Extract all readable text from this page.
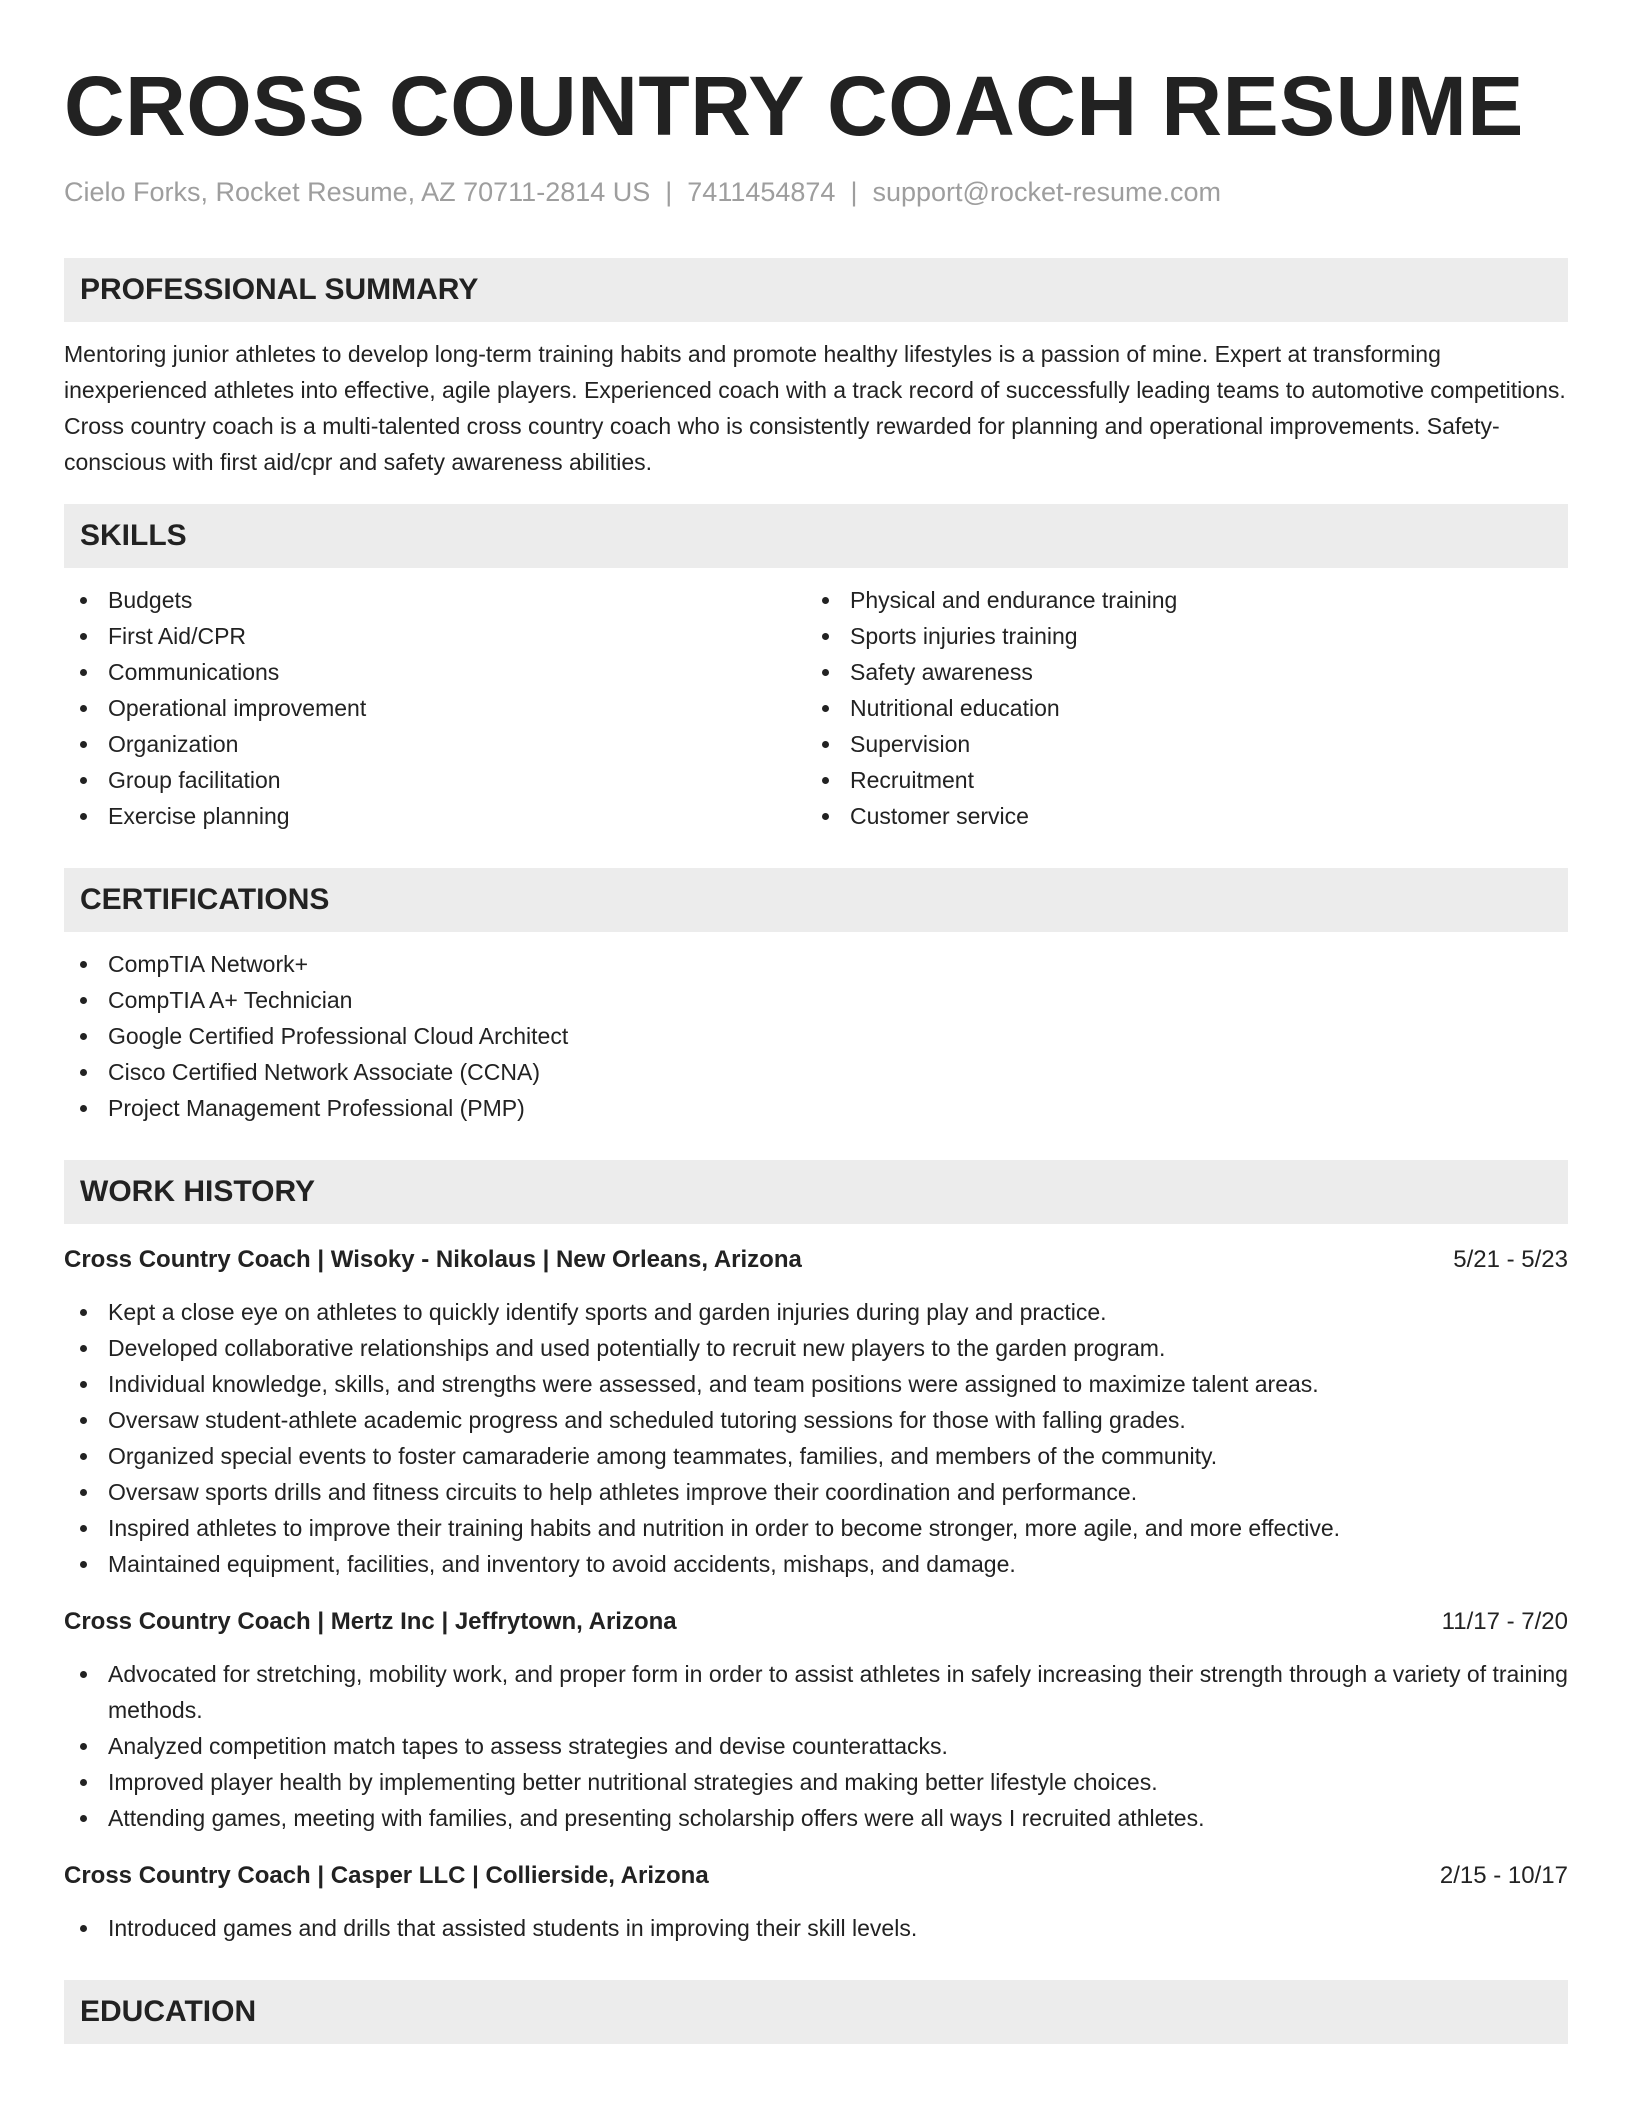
CROSS COUNTRY COACH RESUME
Cielo Forks, Rocket Resume, AZ 70711-2814 US | 7411454874 | support@rocket-resume.com
PROFESSIONAL SUMMARY
Mentoring junior athletes to develop long-term training habits and promote healthy lifestyles is a passion of mine. Expert at transforming inexperienced athletes into effective, agile players. Experienced coach with a track record of successfully leading teams to automotive competitions. Cross country coach is a multi-talented cross country coach who is consistently rewarded for planning and operational improvements. Safety-conscious with first aid/cpr and safety awareness abilities.
SKILLS
Budgets
First Aid/CPR
Communications
Operational improvement
Organization
Group facilitation
Exercise planning
Physical and endurance training
Sports injuries training
Safety awareness
Nutritional education
Supervision
Recruitment
Customer service
CERTIFICATIONS
CompTIA Network+
CompTIA A+ Technician
Google Certified Professional Cloud Architect
Cisco Certified Network Associate (CCNA)
Project Management Professional (PMP)
WORK HISTORY
Cross Country Coach | Wisoky - Nikolaus | New Orleans, Arizona	5/21 - 5/23
Kept a close eye on athletes to quickly identify sports and garden injuries during play and practice.
Developed collaborative relationships and used potentially to recruit new players to the garden program.
Individual knowledge, skills, and strengths were assessed, and team positions were assigned to maximize talent areas.
Oversaw student-athlete academic progress and scheduled tutoring sessions for those with falling grades.
Organized special events to foster camaraderie among teammates, families, and members of the community.
Oversaw sports drills and fitness circuits to help athletes improve their coordination and performance.
Inspired athletes to improve their training habits and nutrition in order to become stronger, more agile, and more effective.
Maintained equipment, facilities, and inventory to avoid accidents, mishaps, and damage.
Cross Country Coach | Mertz Inc | Jeffrytown, Arizona	11/17 - 7/20
Advocated for stretching, mobility work, and proper form in order to assist athletes in safely increasing their strength through a variety of training methods.
Analyzed competition match tapes to assess strategies and devise counterattacks.
Improved player health by implementing better nutritional strategies and making better lifestyle choices.
Attending games, meeting with families, and presenting scholarship offers were all ways I recruited athletes.
Cross Country Coach | Casper LLC | Collierside, Arizona	2/15 - 10/17
Introduced games and drills that assisted students in improving their skill levels.
EDUCATION
